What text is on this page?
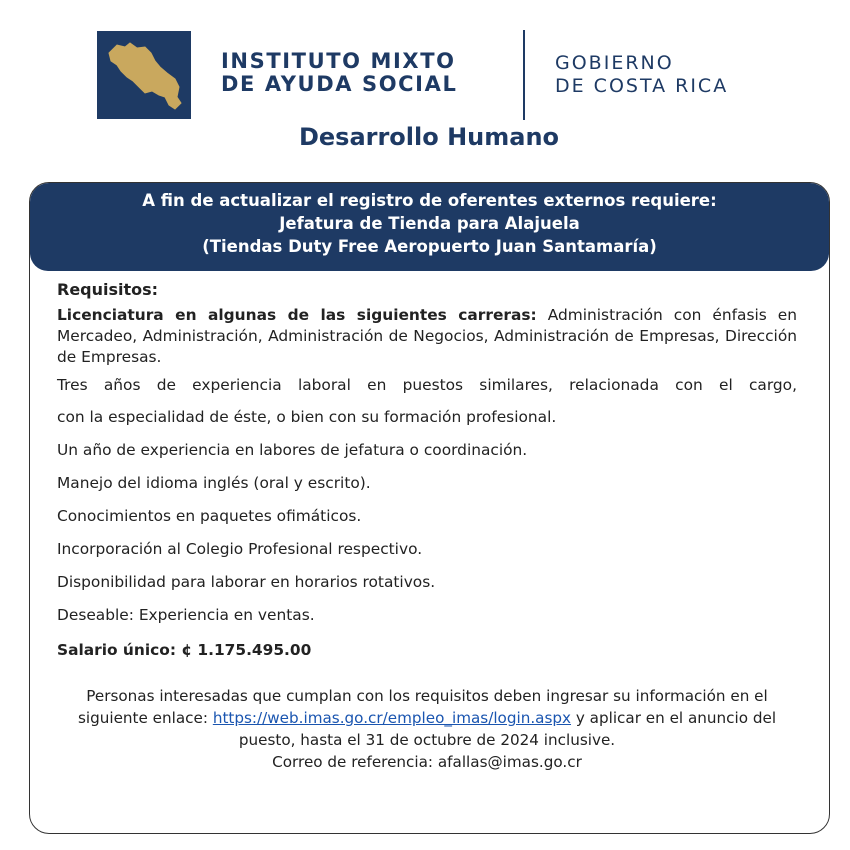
INSTITUTO MIXTO
DE AYUDA SOCIAL
GOBIERNO
DE COSTA RICA
Desarrollo Humano
A fin de actualizar el registro de oferentes externos requiere:
Jefatura de Tienda para Alajuela
(Tiendas Duty Free Aeropuerto Juan Santamaría)
Requisitos:

Licenciatura en algunas de las siguientes carreras: Administración con énfasis en Mercadeo, Administración, Administración de Negocios, Administración de Empresas, Dirección de Empresas.

Tres años de experiencia laboral en puestos similares, relacionada con el cargo,
con la especialidad de éste, o bien con su formación profesional.
Un año de experiencia en labores de jefatura o coordinación.
Manejo del idioma inglés (oral y escrito).
Conocimientos en paquetes ofimáticos.
Incorporación al Colegio Profesional respectivo.
Disponibilidad para laborar en horarios rotativos.
Deseable: Experiencia en ventas.
Salario único: ¢ 1.175.495.00
Personas interesadas que cumplan con los requisitos deben ingresar su información en el siguiente enlace: https://web.imas.go.cr/empleo_imas/login.aspx y aplicar en el anuncio del puesto, hasta el 31 de octubre de 2024 inclusive.
Correo de referencia: afallas@imas.go.cr
